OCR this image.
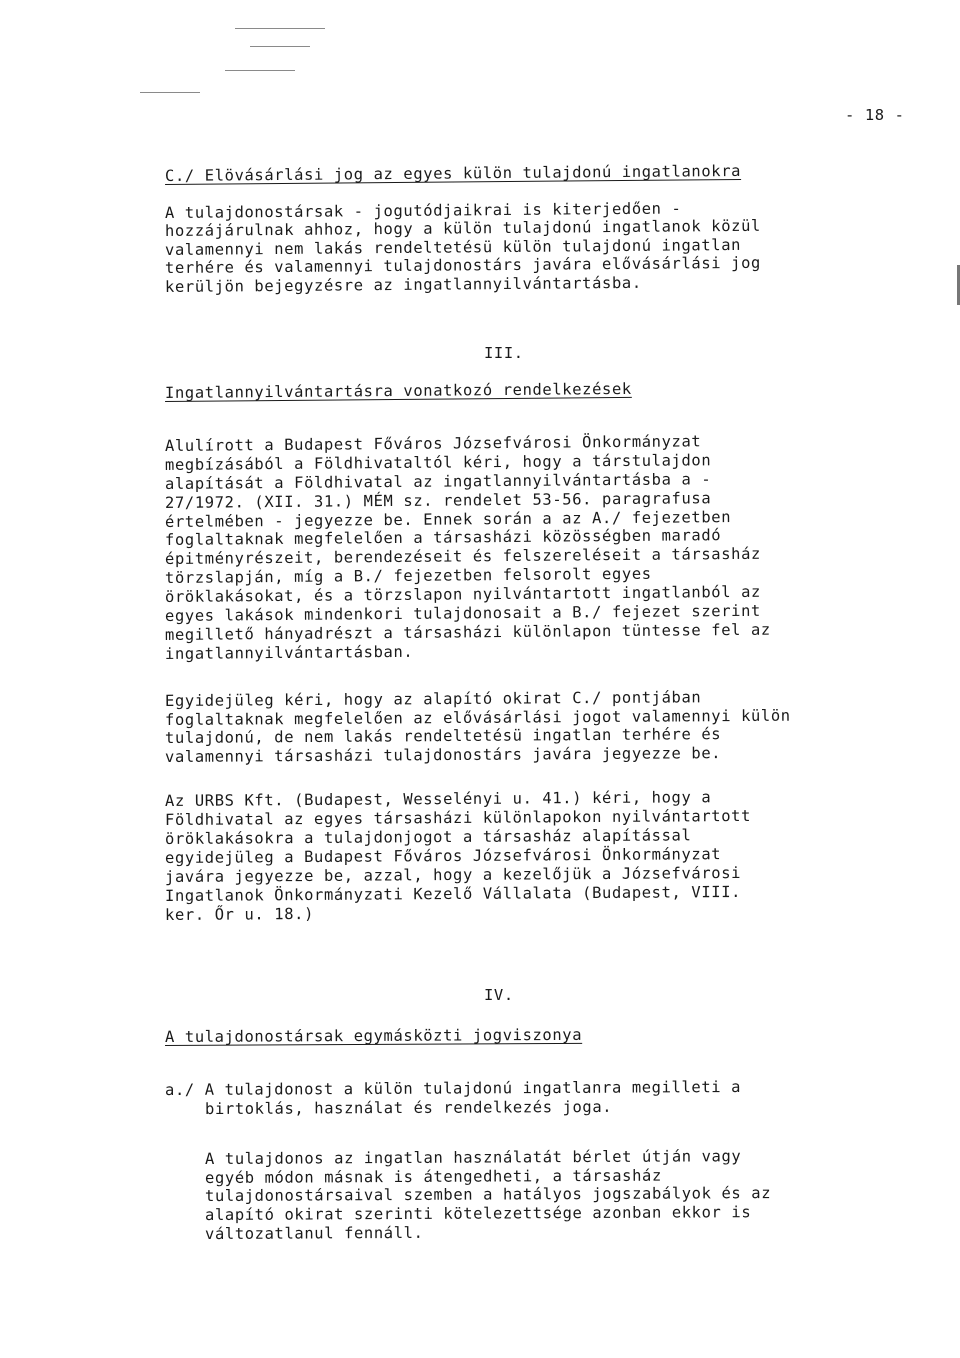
- 18 -
C./ Elövásárlási jog az egyes külön tulajdonú ingatlanokra
A tulajdonostársak - jogutódjaikrai is kiterjedően -
hozzájárulnak ahhoz, hogy a külön tulajdonú ingatlanok közül
valamennyi nem lakás rendeltetésü külön tulajdonú ingatlan
terhére és valamennyi tulajdonostárs javára elővásárlási jog
kerüljön bejegyzésre az ingatlannyilvántartásba.
III.
Ingatlannyilvántartásra vonatkozó rendelkezések
Alulírott a Budapest Főváros Józsefvárosi Önkormányzat
megbízásából a Földhivataltól kéri, hogy a társtulajdon
alapítását a Földhivatal az ingatlannyilvántartásba a -
27/1972. (XII. 31.) MÉM sz. rendelet 53-56. paragrafusa
értelmében - jegyezze be. Ennek során a az A./ fejezetben
foglaltaknak megfelelően a társasházi közösségben maradó
épitményrészeit, berendezéseit és felszereléseit a társasház
törzslapján, míg a B./ fejezetben felsorolt egyes
öröklakásokat, és a törzslapon nyilvántartott ingatlanból az
egyes lakások mindenkori tulajdonosait a B./ fejezet szerint
megillető hányadrészt a társasházi különlapon tüntesse fel az
ingatlannyilvántartásban.
Egyidejüleg kéri, hogy az alapító okirat C./ pontjában
foglaltaknak megfelelően az elővásárlási jogot valamennyi külön
tulajdonú, de nem lakás rendeltetésü ingatlan terhére és
valamennyi társasházi tulajdonostárs javára jegyezze be.
Az URBS Kft. (Budapest, Wesselényi u. 41.) kéri, hogy a
Földhivatal az egyes társasházi különlapokon nyilvántartott
öröklakásokra a tulajdonjogot a társasház alapítással
egyidejüleg a Budapest Főváros Józsefvárosi Önkormányzat
javára jegyezze be, azzal, hogy a kezelőjük a Józsefvárosi
Ingatlanok Önkormányzati Kezelő Vállalata (Budapest, VIII.
ker. Őr u. 18.)
IV.
A tulajdonostársak egymásközti jogviszonya
a./ A tulajdonost a külön tulajdonú ingatlanra megilleti a
birtoklás, használat és rendelkezés joga.
A tulajdonos az ingatlan használatát bérlet útján vagy
egyéb módon másnak is átengedheti, a társasház
tulajdonostársaival szemben a hatályos jogszabályok és az
alapító okirat szerinti kötelezettsége azonban ekkor is
változatlanul fennáll.
